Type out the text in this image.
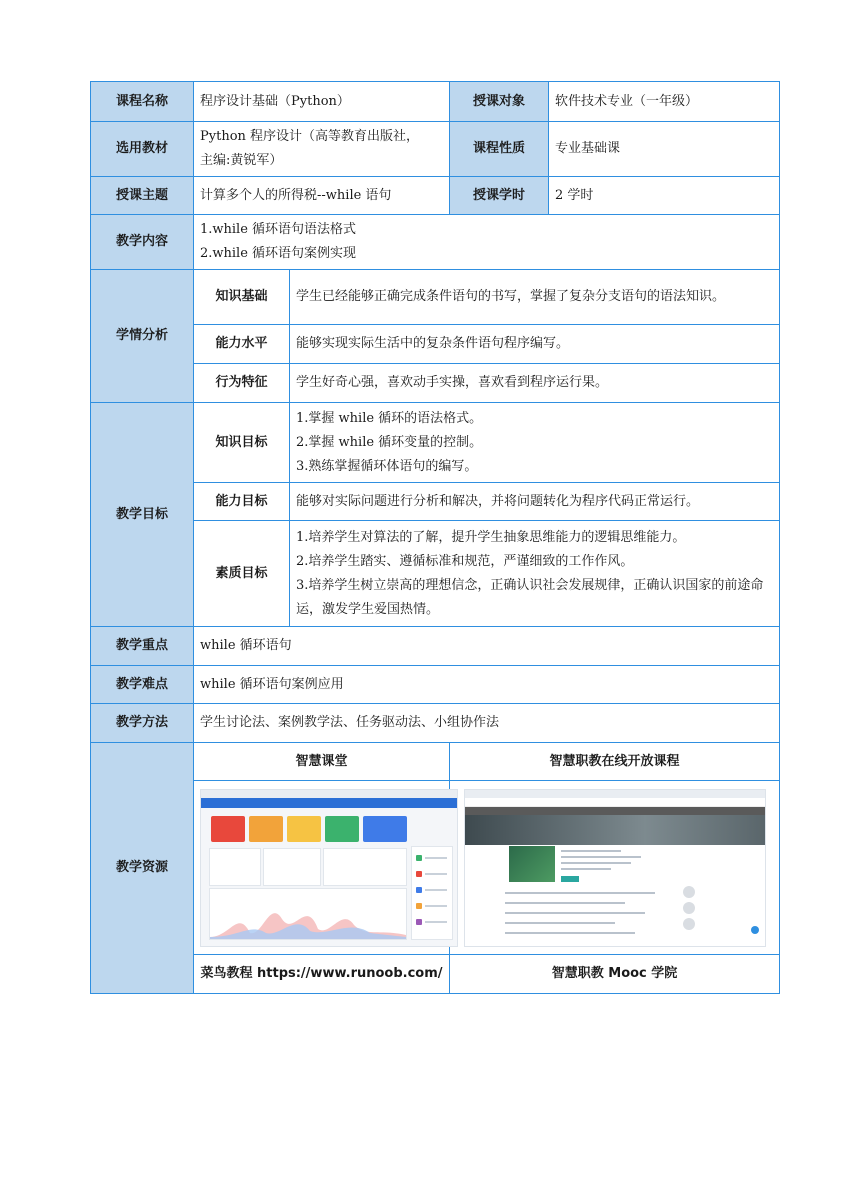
课程名称	程序设计基础（Python）		授课对象	软件技术专业（一年级）
选用教材	Python 程序设计（高等教育出版社，
主编:黄锐军）		课程性质	专业基础课
授课主题	计算多个人的所得税--while 语句		授课学时	2 学时
教学内容	1.while 循环语句语法格式
2.while 循环语句案例实现			

学情分析	知识基础	学生已经能够正确完成条件语句的书写，掌握了复杂分支语句的语法知识。		
	能力水平	能够实现实际生活中的复杂条件语句程序编写。		
	行为特征	学生好奇心强，喜欢动手实操，喜欢看到程序运行果。		
教学目标	知识目标	1.掌握 while 循环的语法格式。
2.掌握 while 循环变量的控制。
3.熟练掌握循环体语句的编写。		

	能力目标	能够对实际问题进行分析和解决，并将问题转化为程序代码正常运行。		
	素质目标	1.培养学生对算法的了解，提升学生抽象思维能力的逻辑思维能力。
2.培养学生踏实、遵循标准和规范，严谨细致的工作作风。
3.培养学生树立崇高的理想信念，正确认识社会发展规律，正确认识国家的前途命运，激发学生爱国热情。		

教学重点	while 循环语句			
教学难点	while 循环语句案例应用			
教学方法	学生讨论法、案例教学法、任务驱动法、小组协作法			
教学资源	智慧课堂		智慧职教在线开放课程	

	菜鸟教程 https://www.runoob.com/		智慧职教 Mooc 学院	
